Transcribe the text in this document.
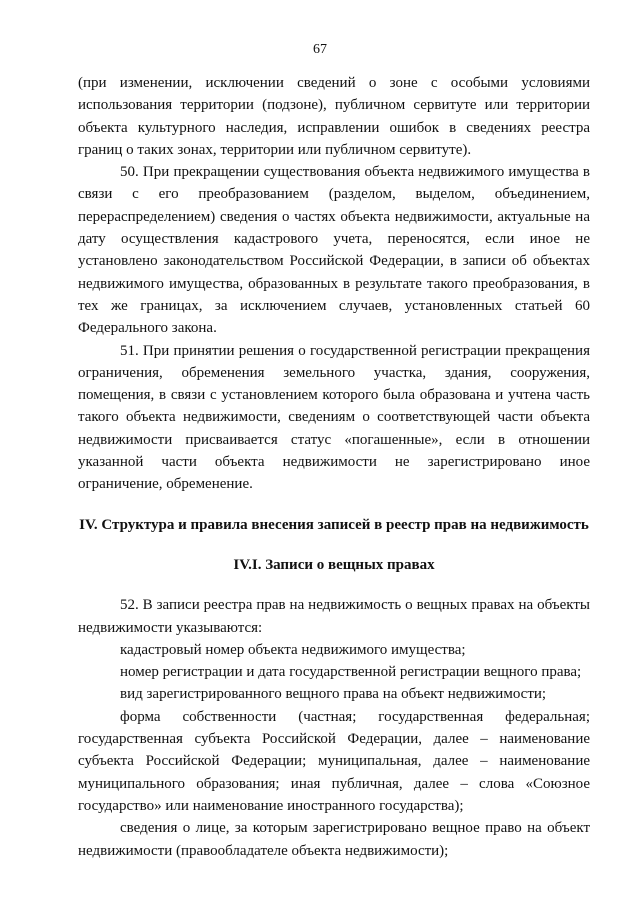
67

(при изменении, исключении сведений о зоне с особыми условиями использования территории (подзоне), публичном сервитуте или территории объекта культурного наследия, исправлении ошибок в сведениях реестра границ о таких зонах, территории или публичном сервитуте).

50. При прекращении существования объекта недвижимого имущества в связи с его преобразованием (разделом, выделом, объединением, перераспределением) сведения о частях объекта недвижимости, актуальные на дату осуществления кадастрового учета, переносятся, если иное не установлено законодательством Российской Федерации, в записи об объектах недвижимого имущества, образованных в результате такого преобразования, в тех же границах, за исключением случаев, установленных статьей 60 Федерального закона.

51. При принятии решения о государственной регистрации прекращения ограничения, обременения земельного участка, здания, сооружения, помещения, в связи с установлением которого была образована и учтена часть такого объекта недвижимости, сведениям о соответствующей части объекта недвижимости присваивается статус «погашенные», если в отношении указанной части объекта недвижимости не зарегистрировано иное ограничение, обременение.

IV. Структура и правила внесения записей в реестр прав на недвижимость

IV.I. Записи о вещных правах

52. В записи реестра прав на недвижимость о вещных правах на объекты недвижимости указываются:

кадастровый номер объекта недвижимого имущества;

номер регистрации и дата государственной регистрации вещного права;

вид зарегистрированного вещного права на объект недвижимости;

форма собственности (частная; государственная федеральная; государственная субъекта Российской Федерации, далее – наименование субъекта Российской Федерации; муниципальная, далее – наименование муниципального образования; иная публичная, далее – слова «Союзное государство» или наименование иностранного государства);

сведения о лице, за которым зарегистрировано вещное право на объект недвижимости (правообладателе объекта недвижимости);
